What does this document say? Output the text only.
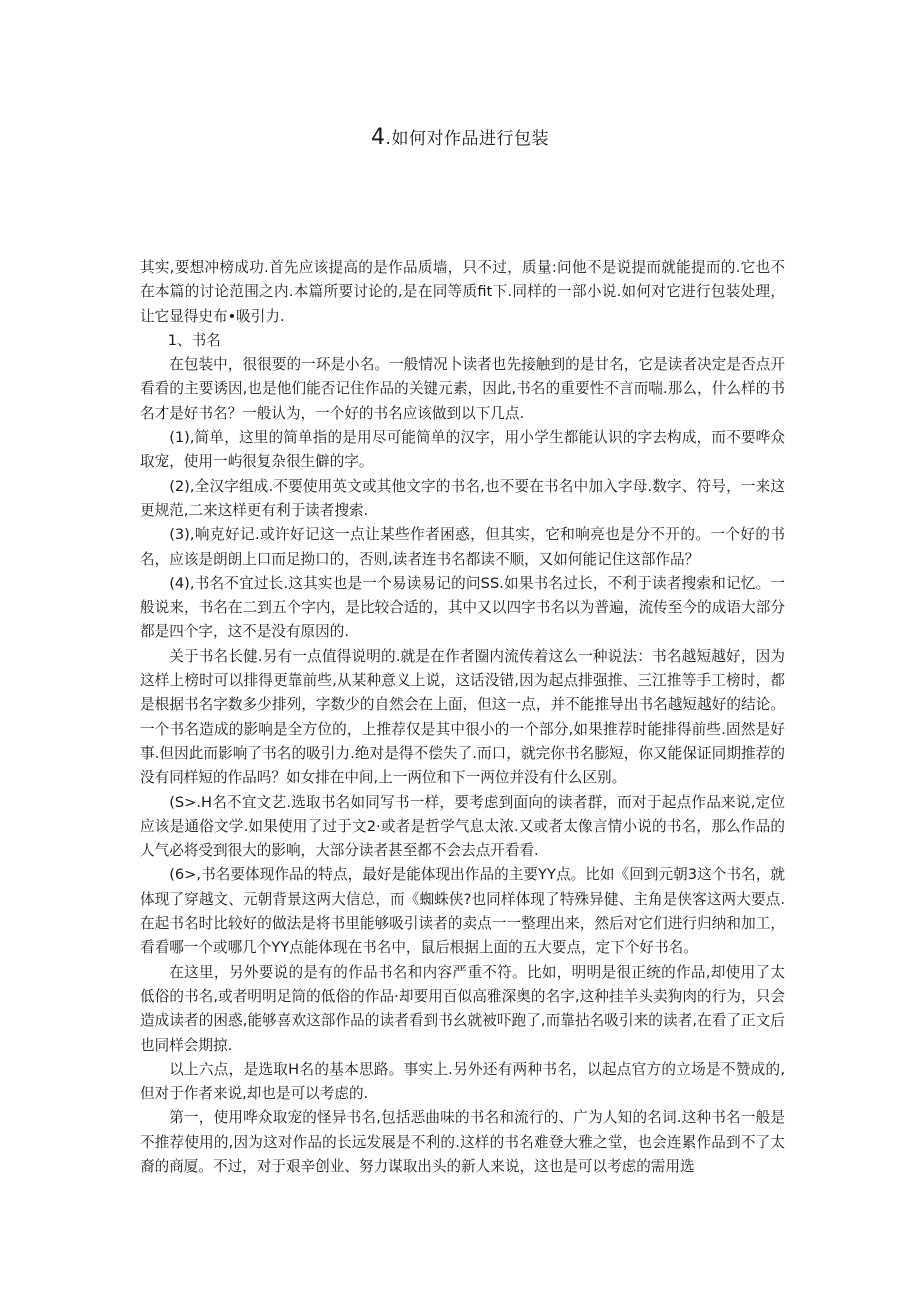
4.如何对作品进行包装

其实,要想冲榜成功.首先应该提高的是作品质墙，只不过，质量:问他不是说提而就能提而的.它也不在本篇的讨论范围之内.本篇所要讨论的,是在同等质fit下.同样的一部小说.如何对它进行包装处理，让它显得史布•吸引力.

1、书名

在包装中，很很要的一环是小名。一般情况卜读者也先接触到的是甘名，它是读者决定是否点开看看的主要诱因,也是他们能否记住作品的关键元素，因此,书名的重要性不言而喘.那么，什么样的书名才是好书名？一般认为，一个好的书名应该做到以下几点.

(1),简单，这里的简单指的是用尽可能简单的汉字，用小学生都能认识的字去构成，而不要哗众取宠，使用一屿很复杂很生僻的字。

(2),全汉字组成.不要使用英文或其他文字的书名,也不要在书名中加入字母.数字、符号，一来这更规范,二来这样更有利于读者搜索.

(3),响克好记.或许好记这一点让某些作者困惑，但其实，它和响亮也是分不开的。一个好的书名，应该是朗朗上口而足拗口的，否则,读者连书名都读不顺，又如何能记住这部作品？

(4),书名不宜过长.这其实也是一个易读易记的问SS.如果书名过长，不利于读者搜索和记忆。一般说来，书名在二到五个字内，是比较合适的，其中又以四字书名以为普遍，流传至今的成语大部分都是四个字，这不是没有原因的.

关于书名长健.另有一点值得说明的.就是在作者圈内流传着这么一种说法：书名越短越好，因为这样上榜时可以排得更靠前些,从某种意义上说，这话没错,因为起点排强推、三江推等手工榜时，都是根据书名字数多少排列，字数少的自然会在上面，但这一点，并不能推导出书名越短越好的结论。一个书名造成的影响是全方位的，上推荐仅是其中很小的一个部分,如果推荐时能排得前些.固然是好事.但因此而影响了书名的吸引力.绝对是得不偿失了.而口，就完你书名膨短，你又能保证同期推荐的没有同样短的作品吗？如女排在中间,上一两位和下一两位并没有什么区别。

(S>.H名不宜文艺.选取书名如同写书一样，要考虑到面向的读者群，而对于起点作品来说,定位应该是通俗文学.如果使用了过于文2·或者是哲学气息太浓.又或者太像言情小说的书名，那么作品的人气必将受到很大的影响，大部分读者甚至都不会去点开看看.

(6>,书名要体现作品的特点，最好是能体现出作品的主要YY点。比如《回到元朝3这个书名，就体现了穿越文、元朝背景这两大信总，而《蜘蛛侠?也同样体现了特殊异健、主角是侠客这两大要点.在起书名时比较好的做法是将书里能够吸引读者的卖点一一整理出来，然后对它们进行归纳和加工，看看哪一个或哪几个YY点能体现在书名中，鼠后根据上面的五大要点，定下个好书名。

在这里，另外要说的是有的作品书名和内容严重不符。比如，明明是很正统的作品,却使用了太低俗的书名,或者明明足筒的低俗的作品·却要用百似高雅深奥的名字,这种挂羊头卖狗肉的行为，只会造成读者的困惑,能够喜欢这部作品的读者看到书幺就被吓跑了,而靠拈名吸引来的读者,在看了正文后也同样会期掠.

以上六点，是选取H名的基本思路。事实上.另外还有两种书名，以起点官方的立场是不赞成的,但对于作者来说,却也是可以考虑的.

第一，使用哗众取宠的怪异书名,包括恶曲味的书名和流行的、广为人知的名词.这种书名一般是不推荐使用的,因为这对作品的长远发展是不利的.这样的书名难登大雅之堂，也会连累作品到不了太裔的商厦。不过，对于艰辛创业、努力谋取出头的新人来说，这也是可以考虑的需用选
